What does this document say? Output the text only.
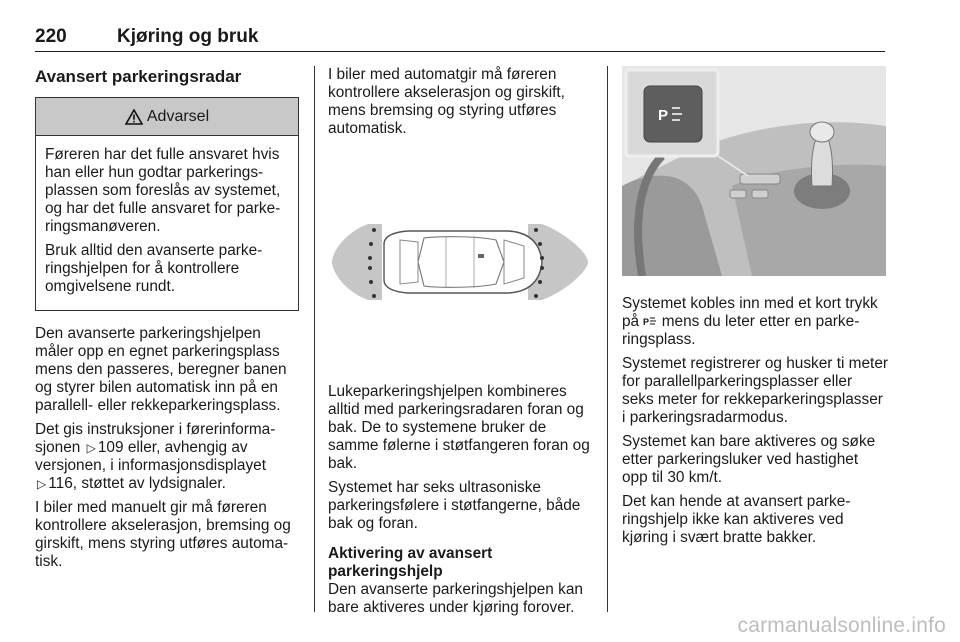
220	Kjøring og bruk
Avansert parkeringsradar
Advarsel

Føreren har det fulle ansvaret hvis han eller hun godtar parkeringsplassen som foreslås av systemet, og har det fulle ansvaret for parkeringsmanøveren.

Bruk alltid den avanserte parkeringshjelpen for å kontrollere omgivelsene rundt.

Den avanserte parkeringshjelpen måler opp en egnet parkeringsplass mens den passeres, beregner banen og styrer bilen automatisk inn på en parallell- eller rekkeparkeringsplass.

Det gis instruksjoner i førerinformasjonen ▷ 109 eller, avhengig av versjonen, i informasjonsdisplayet
▷ 116, støttet av lydsignaler.

I biler med manuelt gir må føreren kontrollere akselerasjon, bremsing og girskift, mens styring utføres automatisk.

I biler med automatgir må føreren kontrollere akselerasjon og girskift, mens bremsing og styring utføres automatisk.

Lukeparkeringshjelpen kombineres alltid med parkeringsradaren foran og bak. De to systemene bruker de samme følerne i støtfangeren foran og bak.

Systemet har seks ultrasoniske parkeringsfølere i støtfangerne, både bak og foran.

Aktivering av avansert parkeringshjelp

Den avanserte parkeringshjelpen kan bare aktiveres under kjøring forover.

P

Systemet kobles inn med et kort trykk på P mens du leter etter en parkeringsplass.

Systemet registrerer og husker ti meter for parallellparkeringsplasser eller seks meter for rekkeparkeringsplasser i parkeringsradarmodus.

Systemet kan bare aktiveres og søke etter parkeringsluker ved hastighet opp til 30 km/t.

Det kan hende at avansert parkeringshjelp ikke kan aktiveres ved kjøring i svært bratte bakker.

carmanualsonline.info
